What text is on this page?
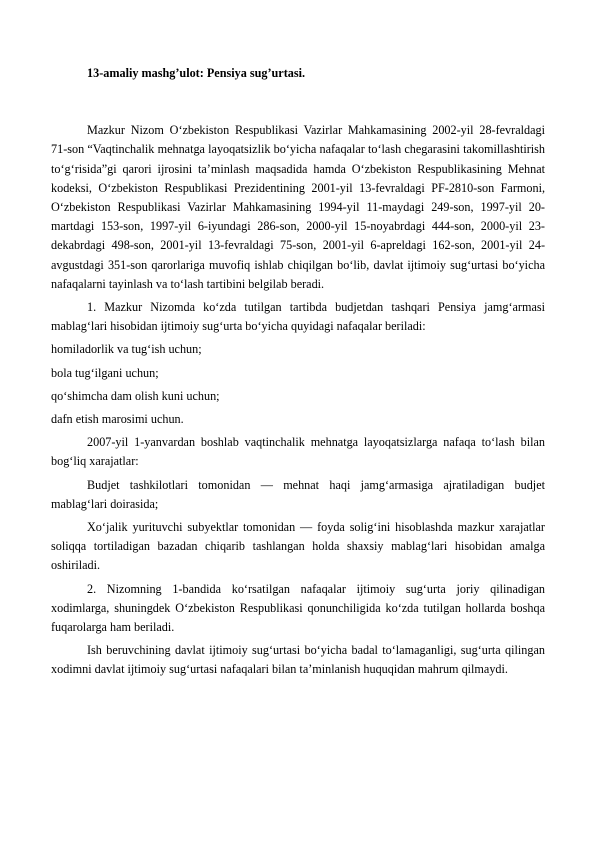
13-amaliy mashg’ulot: Pensiya sug’urtasi.

Mazkur Nizom O‘zbekiston Respublikasi Vazirlar Mahkamasining 2002-yil 28-fevraldagi 71-son “Vaqtinchalik mehnatga layoqatsizlik bo‘yicha nafaqalar to‘lash chegarasini takomillashtirish to‘g‘risida”gi qarori ijrosini ta’minlash maqsadida hamda O‘zbekiston Respublikasining Mehnat kodeksi, O‘zbekiston Respublikasi Prezidentining 2001-yil 13-fevraldagi PF-2810-son Farmoni, O‘zbekiston Respublikasi Vazirlar Mahkamasining 1994-yil 11-maydagi 249-son, 1997-yil 20-martdagi 153-son, 1997-yil 6-iyundagi 286-son, 2000-yil 15-noyabrdagi 444-son, 2000-yil 23-dekabrdagi 498-son, 2001-yil 13-fevraldagi 75-son, 2001-yil 6-apreldagi 162-son, 2001-yil 24-avgustdagi 351-son qarorlariga muvofiq ishlab chiqilgan bo‘lib, davlat ijtimoiy sug‘urtasi bo‘yicha nafaqalarni tayinlash va to‘lash tartibini belgilab beradi.

1. Mazkur Nizomda ko‘zda tutilgan tartibda budjetdan tashqari Pensiya jamg‘armasi mablag‘lari hisobidan ijtimoiy sug‘urta bo‘yicha quyidagi nafaqalar beriladi:

homiladorlik va tug‘ish uchun;

bola tug‘ilgani uchun;

qo‘shimcha dam olish kuni uchun;

dafn etish marosimi uchun.

2007-yil 1-yanvardan boshlab vaqtinchalik mehnatga layoqatsizlarga nafaqa to‘lash bilan bog‘liq xarajatlar:

Budjet tashkilotlari tomonidan — mehnat haqi jamg‘armasiga ajratiladigan budjet mablag‘lari doirasida;

Xo‘jalik yurituvchi subyektlar tomonidan — foyda solig‘ini hisoblashda mazkur xarajatlar soliqqa tortiladigan bazadan chiqarib tashlangan holda shaxsiy mablag‘lari hisobidan amalga oshiriladi.

2. Nizomning 1-bandida ko‘rsatilgan nafaqalar ijtimoiy sug‘urta joriy qilinadigan xodimlarga, shuningdek O‘zbekiston Respublikasi qonunchiligida ko‘zda tutilgan hollarda boshqa fuqarolarga ham beriladi.

Ish beruvchining davlat ijtimoiy sug‘urtasi bo‘yicha badal to‘lamaganligi, sug‘urta qilingan xodimni davlat ijtimoiy sug‘urtasi nafaqalari bilan ta’minlanish huquqidan mahrum qilmaydi.
